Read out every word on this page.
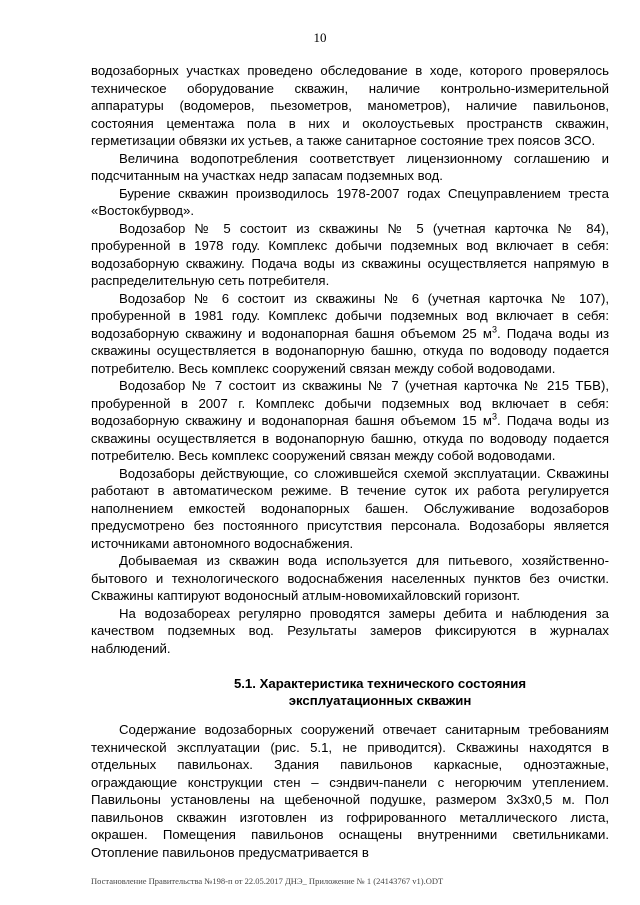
10

водозаборных участках проведено обследование в ходе, которого проверялось техническое оборудование скважин, наличие контрольно-измерительной аппаратуры (водомеров, пьезометров, манометров), наличие павильонов, состояния цементажа пола в них и околоустьевых пространств скважин, герметизации обвязки их устьев, а также санитарное состояние трех поясов ЗСО.

Величина водопотребления соответствует лицензионному соглашению и подсчитанным на участках недр запасам подземных вод.

Бурение скважин производилось 1978-2007 годах Спецуправлением треста «Востокбурвод».

Водозабор № 5 состоит из скважины № 5 (учетная карточка № 84), пробуренной в 1978 году. Комплекс добычи подземных вод включает в себя: водозаборную скважину. Подача воды из скважины осуществляется напрямую в распределительную сеть потребителя.

Водозабор № 6 состоит из скважины № 6 (учетная карточка № 107), пробуренной в 1981 году. Комплекс добычи подземных вод включает в себя: водозаборную скважину и водонапорная башня объемом 25 $м^3$. Подача воды из скважины осуществляется в водонапорную башню, откуда по водоводу подается потребителю. Весь комплекс сооружений связан между собой водоводами.

Водозабор № 7 состоит из скважины № 7 (учетная карточка № 215 ТБВ), пробуренной в 2007 г. Комплекс добычи подземных вод включает в себя: водозаборную скважину и водонапорная башня объемом 15 $м^3$. Подача воды из скважины осуществляется в водонапорную башню, откуда по водоводу подается потребителю. Весь комплекс сооружений связан между собой водоводами.

Водозаборы действующие, со сложившейся схемой эксплуатации. Скважины работают в автоматическом режиме. В течение суток их работа регулируется наполнением емкостей водонапорных башен. Обслуживание водозаборов предусмотрено без постоянного присутствия персонала. Водозаборы является источниками автономного водоснабжения.

Добываемая из скважин вода используется для питьевого, хозяйственно-бытового и технологического водоснабжения населенных пунктов без очистки. Скважины каптируют водоносный атлым-новомихайловский горизонт.

На водозабореах регулярно проводятся замеры дебита и наблюдения за качеством подземных вод. Результаты замеров фиксируются в журналах наблюдений.

5.1. Характеристика технического состояния
эксплуатационных скважин

Содержание водозаборных сооружений отвечает санитарным требованиям технической эксплуатации (рис. 5.1, не приводится). Скважины находятся в отдельных павильонах. Здания павильонов каркасные, одноэтажные, ограждающие конструкции стен – сэндвич-панели с негорючим утеплением. Павильоны установлены на щебеночной подушке, размером 3х3х0,5 м. Пол павильонов скважин изготовлен из гофрированного металлического листа, окрашен. Помещения павильонов оснащены внутренними светильниками. Отопление павильонов предусматривается в

Постановление Правительства №198-п от 22.05.2017 ДНЭ_ Приложение № 1 (24143767 v1).ODT
